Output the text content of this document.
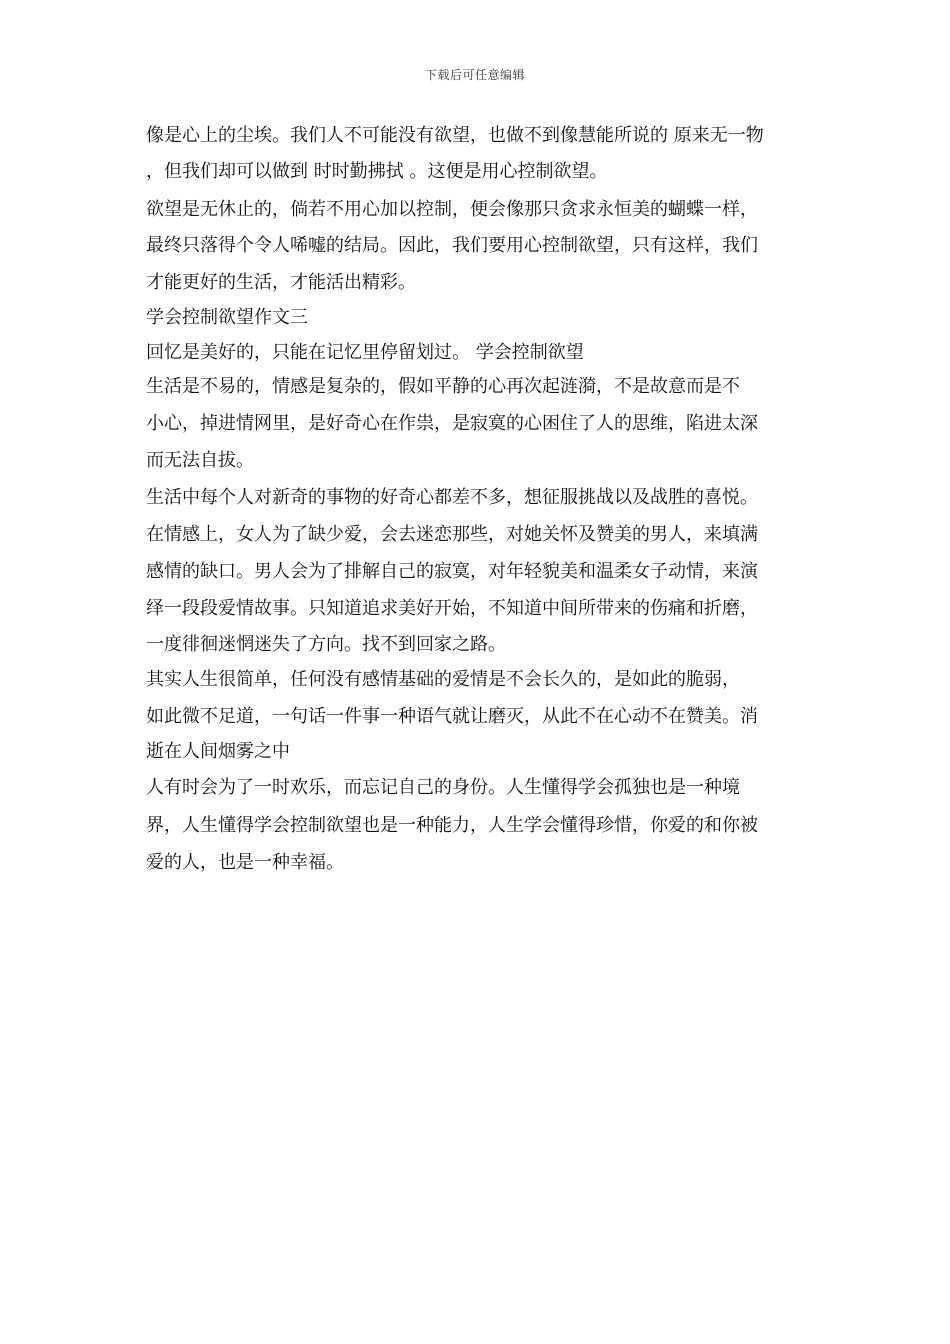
下载后可任意编辑
像是心上的尘埃。我们人不可能没有欲望，也做不到像慧能所说的 原来无一物
，但我们却可以做到 时时勤拂拭 。这便是用心控制欲望。
欲望是无休止的，倘若不用心加以控制，便会像那只贪求永恒美的蝴蝶一样，
最终只落得个令人唏嘘的结局。因此，我们要用心控制欲望，只有这样，我们
才能更好的生活，才能活出精彩。
学会控制欲望作文三
回忆是美好的，只能在记忆里停留划过。 学会控制欲望
生活是不易的，情感是复杂的，假如平静的心再次起涟漪，不是故意而是不
小心，掉进情网里，是好奇心在作祟，是寂寞的心困住了人的思维，陷进太深
而无法自拔。
生活中每个人对新奇的事物的好奇心都差不多，想征服挑战以及战胜的喜悦。
在情感上，女人为了缺少爱，会去迷恋那些，对她关怀及赞美的男人，来填满
感情的缺口。男人会为了排解自己的寂寞，对年轻貌美和温柔女子动情，来演
绎一段段爱情故事。只知道追求美好开始，不知道中间所带来的伤痛和折磨，
一度徘徊迷惘迷失了方向。找不到回家之路。
其实人生很简单，任何没有感情基础的爱情是不会长久的，是如此的脆弱，
如此微不足道，一句话一件事一种语气就让磨灭，从此不在心动不在赞美。消
逝在人间烟雾之中
人有时会为了一时欢乐，而忘记自己的身份。人生懂得学会孤独也是一种境
界，人生懂得学会控制欲望也是一种能力，人生学会懂得珍惜，你爱的和你被
爱的人，也是一种幸福。
